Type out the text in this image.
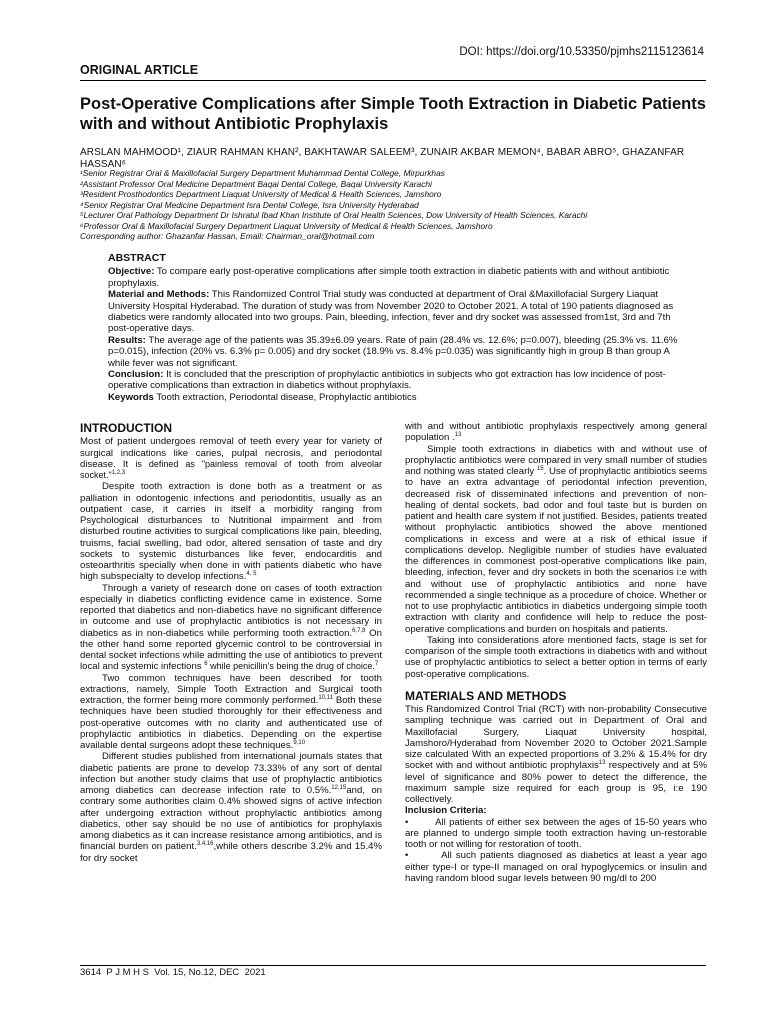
DOI: https://doi.org/10.53350/pjmhs2115123614
ORIGINAL ARTICLE
Post-Operative Complications after Simple Tooth Extraction in Diabetic Patients with and without Antibiotic Prophylaxis
ARSLAN MAHMOOD¹, ZIAUR RAHMAN KHAN², BAKHTAWAR SALEEM³, ZUNAIR AKBAR MEMON⁴, BABAR ABRO⁵, GHAZANFAR HASSAN⁶
¹Senior Registrar Oral & Maxillofacial Surgery Department Muhammad Dental College, Mirpurkhas
²Assistant Professor Oral Medicine Department Baqai Dental College, Baqai University Karachi
³Resident Prosthodontics Department Liaquat University of Medical & Health Sciences, Jamshoro
⁴Senior Registrar Oral Medicine Department Isra Dental College, Isra University Hyderabad
⁵Lecturer Oral Pathology Department Dr Ishratul Ibad Khan Institute of Oral Health Sciences, Dow University of Health Sciences, Karachi
⁶Professor Oral & Maxillofacial Surgery Department Liaquat University of Medical & Health Sciences, Jamshoro
Corresponding author: Ghazanfar Hassan, Email: Chairman_oral@hotmail.com
ABSTRACT

Objective: To compare early post-operative complications after simple tooth extraction in diabetic patients with and without antibiotic prophylaxis.

Material and Methods: This Randomized Control Trial study was conducted at department of Oral &Maxillofacial Surgery Liaquat University Hospital Hyderabad. The duration of study was from November 2020 to October 2021. A total of 190 patients diagnosed as diabetics were randomly allocated into two groups. Pain, bleeding, infection, fever and dry socket was assessed from1st, 3rd and 7th post-operative days.

Results: The average age of the patients was 35.39±6.09 years. Rate of pain (28.4% vs. 12.6%; p=0.007), bleeding (25.3% vs. 11.6% p=0.015), infection (20% vs. 6.3% p= 0.005) and dry socket (18.9% vs. 8.4% p=0.035) was significantly high in group B than group A while fever was not significant.

Conclusion: It is concluded that the prescription of prophylactic antibiotics in subjects who got extraction has low incidence of post-operative complications than extraction in diabetics without prophylaxis.

Keywords Tooth extraction, Periodontal disease, Prophylactic antibiotics

INTRODUCTION

Most of patient undergoes removal of teeth every year for variety of surgical indications like caries, pulpal necrosis, and periodontal disease. It is defined as "painless removal of tooth from alveolar socket."$^{1,2,3}$

Despite tooth extraction is done both as a treatment or as palliation in odontogenic infections and periodontitis, usually as an outpatient case, it carries in itself a morbidity ranging from Psychological disturbances to Nutritional impairment and from disturbed routine activities to surgical complications like pain, bleeding, truisms, facial swelling, bad odor, altered sensation of taste and dry sockets to systemic disturbances like fever, endocarditis and osteoarthritis specially when done in with patients diabetic who have high subspecialty to develop infections.$^{4, 5}$

Through a variety of research done on cases of tooth extraction especially in diabetics conflicting evidence came in existence. Some reported that diabetics and non-diabetics have no significant difference in outcome and use of prophylactic antibiotics is not necessary in diabetics as in non-diabetics while performing tooth extraction.$^{6,7,8}$ On the other hand some reported glycemic control to be controversial in dental socket infections while admitting the use of antibiotics to prevent local and systemic infections $^6$ while penicillin's being the drug of choice.$^7$

Two common techniques have been described for tooth extractions, namely, Simple Tooth Extraction and Surgical tooth extraction, the former being more commonly performed.$^{10,11}$ Both these techniques have been studied thoroughly for their effectiveness and post-operative outcomes with no clarity and authenticated use of prophylactic antibiotics in diabetics. Depending on the expertise available dental surgeons adopt these techniques.$^{9,10}$

Different studies published from international journals states that diabetic patients are prone to develop 73.33% of any sort of dental infection but another study claims that use of prophylactic antibiotics among diabetics can decrease infection rate to 0.5%.$^{12,15}$and, on contrary some authorities claim 0.4% showed signs of active infection after undergoing extraction without prophylactic antibiotics among diabetics, other say should be no use of antibiotics for prophylaxis among diabetics as it can increase resistance among antibiotics, and is financial burden on patient.$^{3,4,16}$,while others describe 3.2% and 15.4% for dry socket

with and without antibiotic prophylaxis respectively among general population .$^{13}$

Simple tooth extractions in diabetics with and without use of prophylactic antibiotics were compared in very small number of studies and nothing was stated clearly $^{15}$. Use of prophylactic antibiotics seems to have an extra advantage of periodontal infection prevention, decreased risk of disseminated infections and prevention of non-healing of dental sockets, bad odor and foul taste but is burden on patient and health care system if not justified. Besides, patients treated without prophylactic antibiotics showed the above mentioned complications in excess and were at a risk of ethical issue if complications develop. Negligible number of studies have evaluated the differences in commonest post-operative complications like pain, bleeding, infection, fever and dry sockets in both the scenarios i:e with and without use of prophylactic antibiotics and none have recommended a single technique as a procedure of choice. Whether or not to use prophylactic antibiotics in diabetics undergoing simple tooth extraction with clarity and confidence will help to reduce the post-operative complications and burden on hospitals and patients.

Taking into considerations afore mentioned facts, stage is set for comparison of the simple tooth extractions in diabetics with and without use of prophylactic antibiotics to select a better option in terms of early post-operative complications.

MATERIALS AND METHODS

This Randomized Control Trial (RCT) with non-probability Consecutive sampling technique was carried out in Department of Oral and Maxillofacial Surgery, Liaquat University hospital, Jamshoro/Hyderabad from November 2020 to October 2021.Sample size calculated With an expected proportions of 3.2% & 15.4% for dry socket with and without antibiotic prophylaxis$^{13}$ respectively and at 5% level of significance and 80% power to detect the difference, the maximum sample size required for each group is 95, i:e 190 collectively.

Inclusion Criteria:

•        All patients of either sex between the ages of 15-50 years who are planned to undergo simple tooth extraction having un-restorable tooth or not willing for restoration of tooth.

•        All such patients diagnosed as diabetics at least a year ago either type-I or type-II managed on oral hypoglycemics or insulin and having random blood sugar levels between 90 mg/dl to 200

3614  P J M H S  Vol. 15, No.12, DEC  2021
